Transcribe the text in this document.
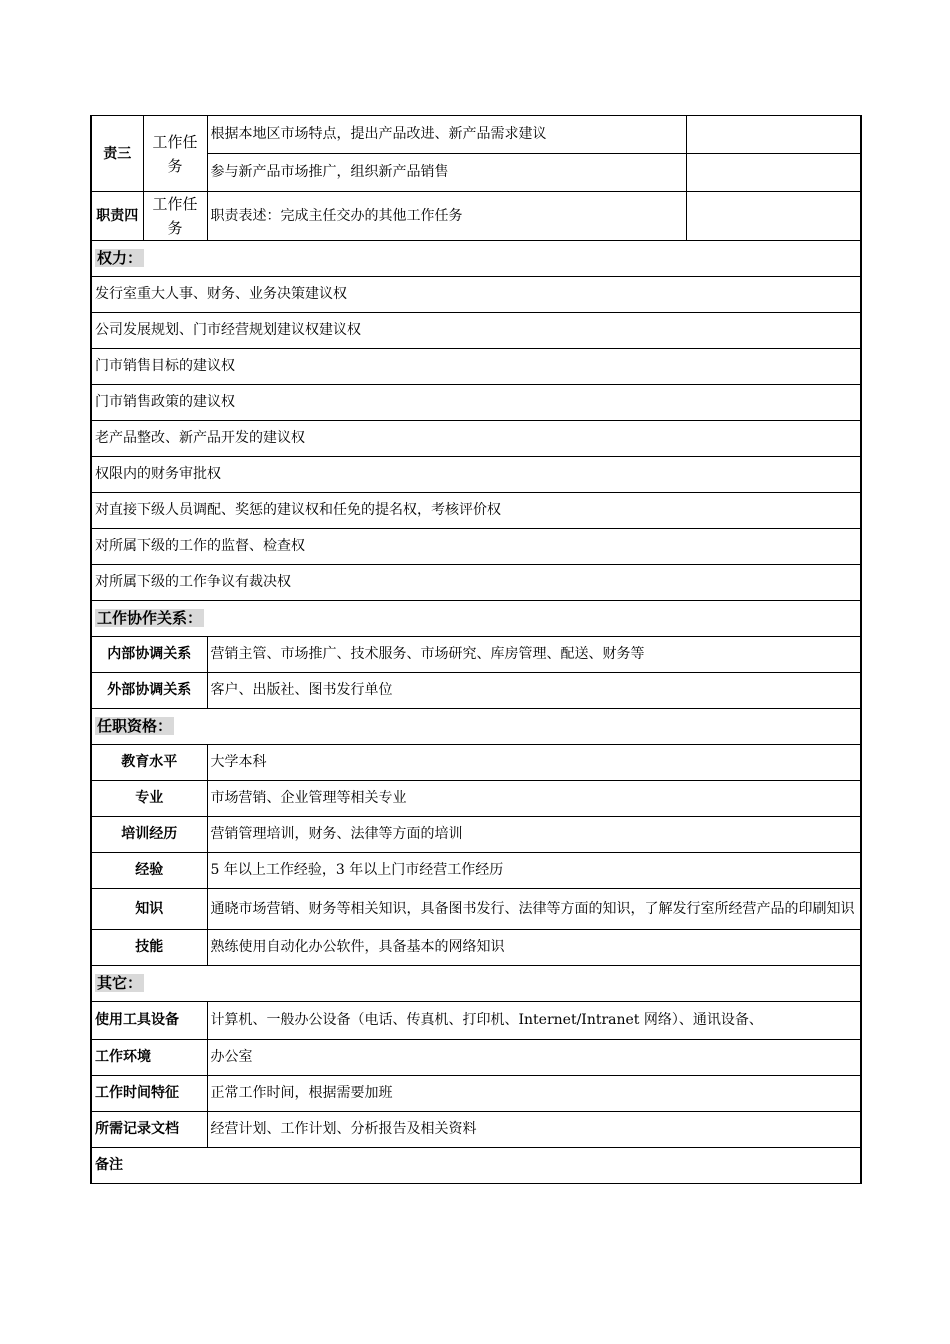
责三	工作任务	根据本地区市场特点，提出产品改进、新产品需求建议	
		参与新产品市场推广，组织新产品销售	
职责四	工作任务	职责表述：完成主任交办的其他工作任务	
权力：			
发行室重大人事、财务、业务决策建议权			
公司发展规划、门市经营规划建议权建议权			
门市销售目标的建议权			
门市销售政策的建议权			
老产品整改、新产品开发的建议权			
权限内的财务审批权			
对直接下级人员调配、奖惩的建议权和任免的提名权，考核评价权			
对所属下级的工作的监督、检查权			
对所属下级的工作争议有裁决权			
工作协作关系：			
内部协调关系		营销主管、市场推广、技术服务、市场研究、库房管理、配送、财务等	
外部协调关系		客户、出版社、图书发行单位	
任职资格：			
教育水平		大学本科	
专业		市场营销、企业管理等相关专业	
培训经历		营销管理培训，财务、法律等方面的培训	
经验		5 年以上工作经验，3 年以上门市经营工作经历	
知识		通晓市场营销、财务等相关知识，具备图书发行、法律等方面的知识，了解发行室所经营产品的印刷知识	
技能		熟练使用自动化办公软件，具备基本的网络知识	
其它：			
使用工具设备		计算机、一般办公设备（电话、传真机、打印机、Internet/Intranet 网络）、通讯设备、	
工作环境		办公室	
工作时间特征		正常工作时间，根据需要加班	
所需记录文档		经营计划、工作计划、分析报告及相关资料	
备注			
